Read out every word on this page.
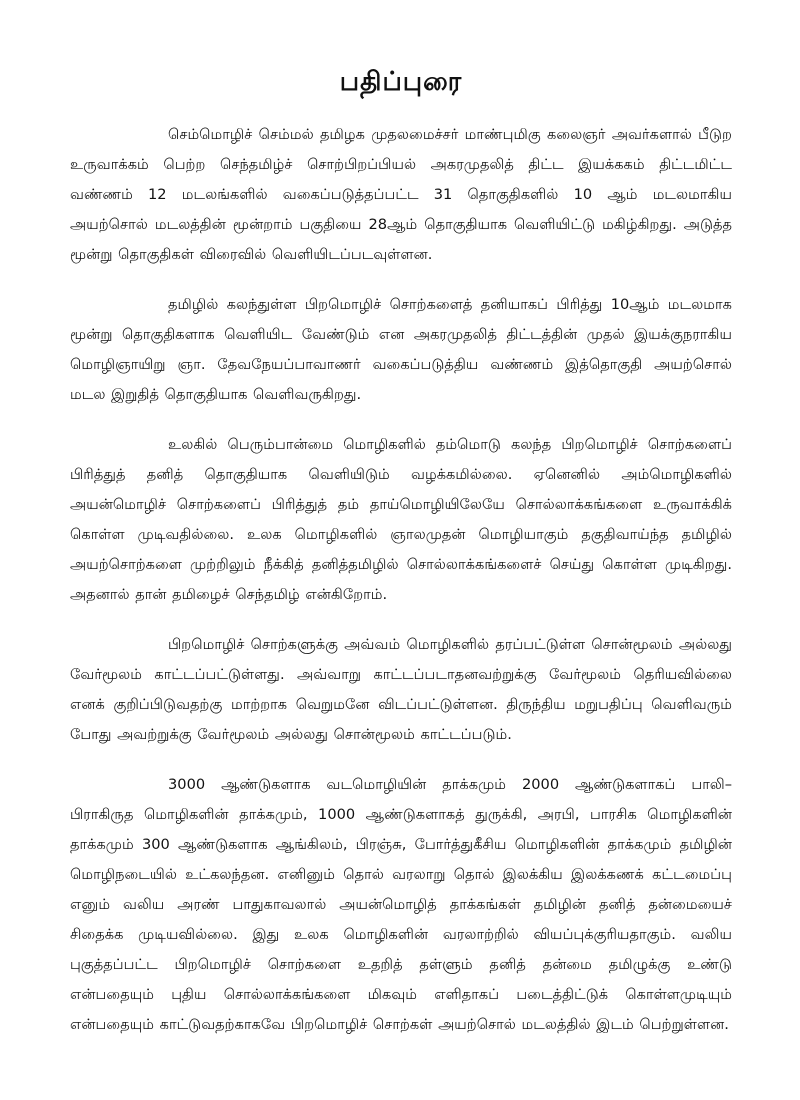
பதிப்புரை

செம்மொழிச் செம்மல் தமிழக முதலமைச்சர் மாண்புமிகு கலைஞர் அவர்களால் பீடுற உருவாக்கம் பெற்ற செந்தமிழ்ச் சொற்பிறப்பியல் அகரமுதலித் திட்ட இயக்ககம் திட்டமிட்ட வண்ணம் 12 மடலங்களில் வகைப்படுத்தப்பட்ட 31 தொகுதிகளில் 10 ஆம் மடலமாகிய அயற்சொல் மடலத்தின் மூன்றாம் பகுதியை 28ஆம் தொகுதியாக வெளியிட்டு மகிழ்கிறது. அடுத்த மூன்று தொகுதிகள் விரைவில் வெளியிடப்படவுள்ளன.

தமிழில் கலந்துள்ள பிறமொழிச் சொற்களைத் தனியாகப் பிரித்து 10ஆம் மடலமாக மூன்று தொகுதிகளாக வெளியிட வேண்டும் என அகரமுதலித் திட்டத்தின் முதல் இயக்குநராகிய மொழிஞாயிறு ஞா. தேவநேயப்பாவாணர் வகைப்படுத்திய வண்ணம் இத்தொகுதி அயற்சொல் மடல இறுதித் தொகுதியாக வெளிவருகிறது.

உலகில் பெரும்பான்மை மொழிகளில் தம்மொடு கலந்த பிறமொழிச் சொற்களைப் பிரித்துத் தனித் தொகுதியாக வெளியிடும் வழக்கமில்லை. ஏனெனில் அம்மொழிகளில் அயன்மொழிச் சொற்களைப் பிரித்துத் தம் தாய்மொழியிலேயே சொல்லாக்கங்களை உருவாக்கிக் கொள்ள முடிவதில்லை. உலக மொழிகளில் ஞாலமுதன் மொழியாகும் தகுதிவாய்ந்த தமிழில் அயற்சொற்களை முற்றிலும் நீக்கித் தனித்தமிழில் சொல்லாக்கங்களைச் செய்து கொள்ள முடிகிறது. அதனால் தான் தமிழைச் செந்தமிழ் என்கிறோம்.

பிறமொழிச் சொற்களுக்கு அவ்வம் மொழிகளில் தரப்பட்டுள்ள சொன்மூலம் அல்லது வேர்மூலம் காட்டப்பட்டுள்ளது. அவ்வாறு காட்டப்படாதனவற்றுக்கு வேர்மூலம் தெரியவில்லை எனக் குறிப்பிடுவதற்கு மாற்றாக வெறுமனே விடப்பட்டுள்ளன. திருந்திய மறுபதிப்பு வெளிவரும் போது அவற்றுக்கு வேர்மூலம் அல்லது சொன்மூலம் காட்டப்படும்.

3000 ஆண்டுகளாக வடமொழியின் தாக்கமும் 2000 ஆண்டுகளாகப் பாலி–பிராகிருத மொழிகளின் தாக்கமும், 1000 ஆண்டுகளாகத் துருக்கி, அரபி, பாரசிக மொழிகளின் தாக்கமும் 300 ஆண்டுகளாக ஆங்கிலம், பிரஞ்சு, போர்த்துகீசிய மொழிகளின் தாக்கமும் தமிழின் மொழிநடையில் உட்கலந்தன. எனினும் தொல் வரலாறு தொல் இலக்கிய இலக்கணக் கட்டமைப்பு எனும் வலிய அரண் பாதுகாவலால் அயன்மொழித் தாக்கங்கள் தமிழின் தனித் தன்மையைச் சிதைக்க முடியவில்லை. இது உலக மொழிகளின் வரலாற்றில் வியப்புக்குரியதாகும். வலிய புகுத்தப்பட்ட பிறமொழிச் சொற்களை உதறித் தள்ளும் தனித் தன்மை தமிழுக்கு உண்டு என்பதையும் புதிய சொல்லாக்கங்களை மிகவும் எளிதாகப் படைத்திட்டுக் கொள்ளமுடியும் என்பதையும் காட்டுவதற்காகவே பிறமொழிச் சொற்கள் அயற்சொல் மடலத்தில் இடம் பெற்றுள்ளன.
